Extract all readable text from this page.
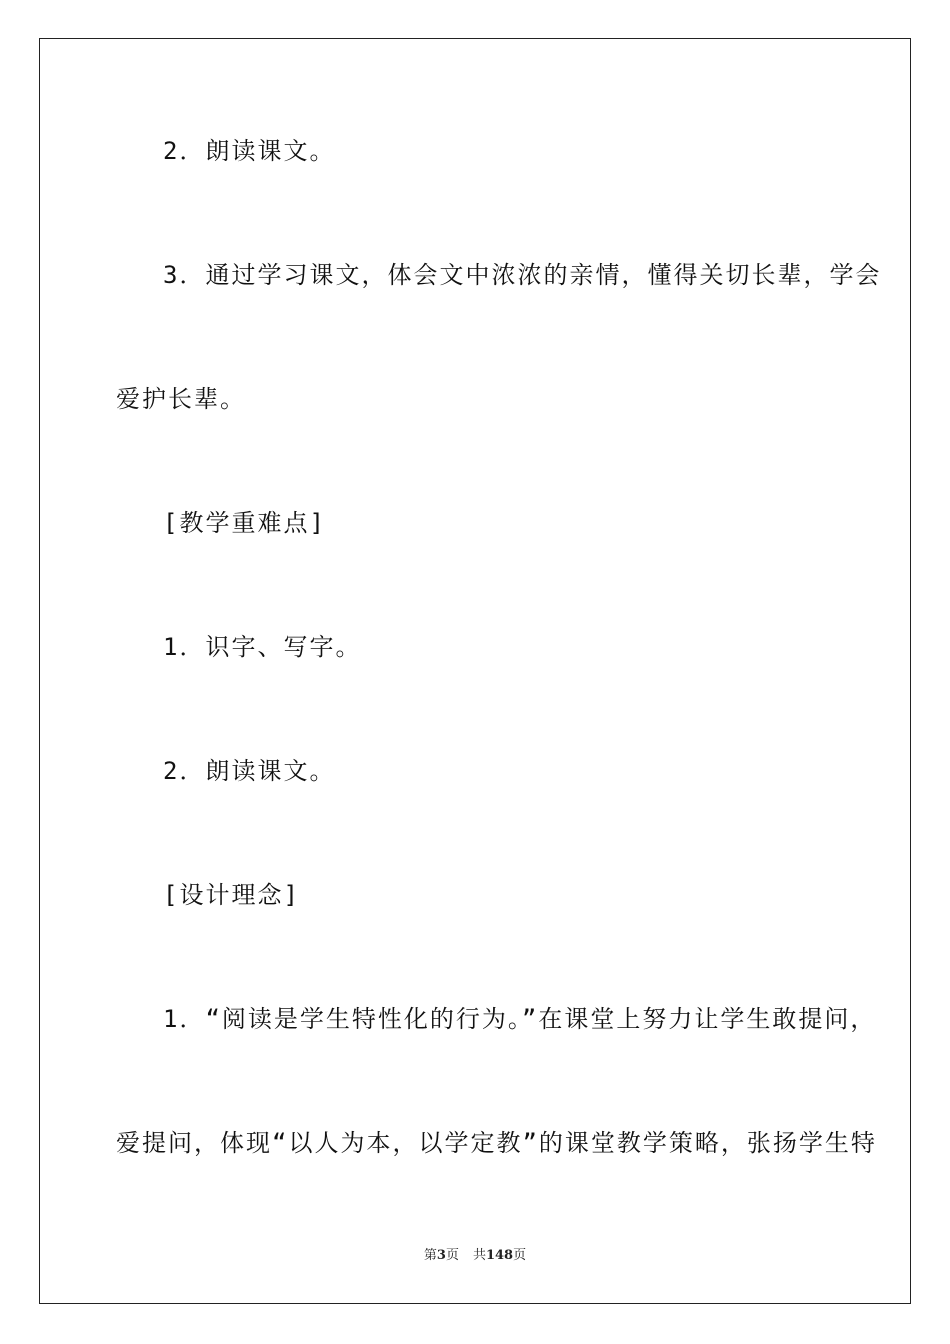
2．朗读课文。
3．通过学习课文，体会文中浓浓的亲情，懂得关切长辈，学会
爱护长辈。
[教学重难点]
1．识字、写字。
2．朗读课文。
[设计理念]
1．“阅读是学生特性化的行为。”在课堂上努力让学生敢提问，
爱提问，体现“以人为本，以学定教”的课堂教学策略，张扬学生特
第3页 共148页
